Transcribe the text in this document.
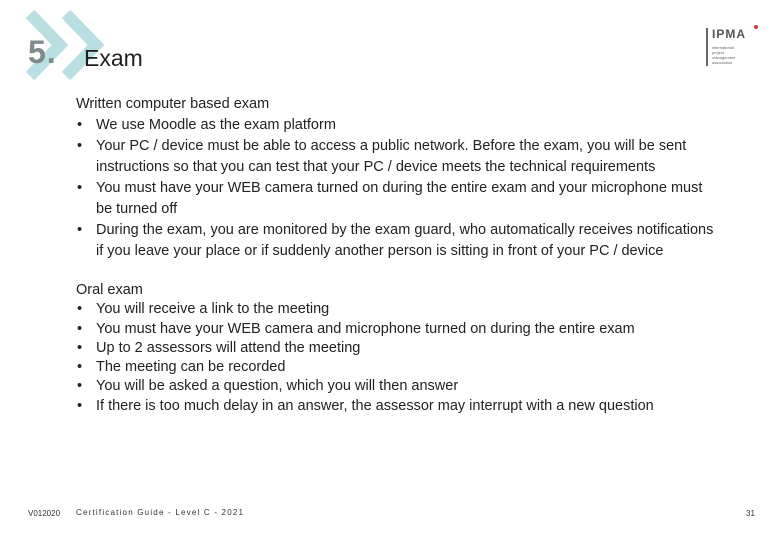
5. Exam
IPMA
international
project
management
association
Written computer based exam
• We use Moodle as the exam platform
• Your PC / device must be able to access a public network. Before the exam, you will be sent instructions so that you can test that your PC / device meets the technical requirements
• You must have your WEB camera turned on during the entire exam and your microphone must be turned off
• During the exam, you are monitored by the exam guard, who automatically receives notifications if you leave your place or if suddenly another person is sitting in front of your PC / device
Oral exam
• You will receive a link to the meeting
• You must have your WEB camera and microphone turned on during the entire exam
• Up to 2 assessors will attend the meeting
• The meeting can be recorded
• You will be asked a question, which you will then answer
• If there is too much delay in an answer, the assessor may interrupt with a new question
V012020 Certification Guide - Level C - 2021	31
